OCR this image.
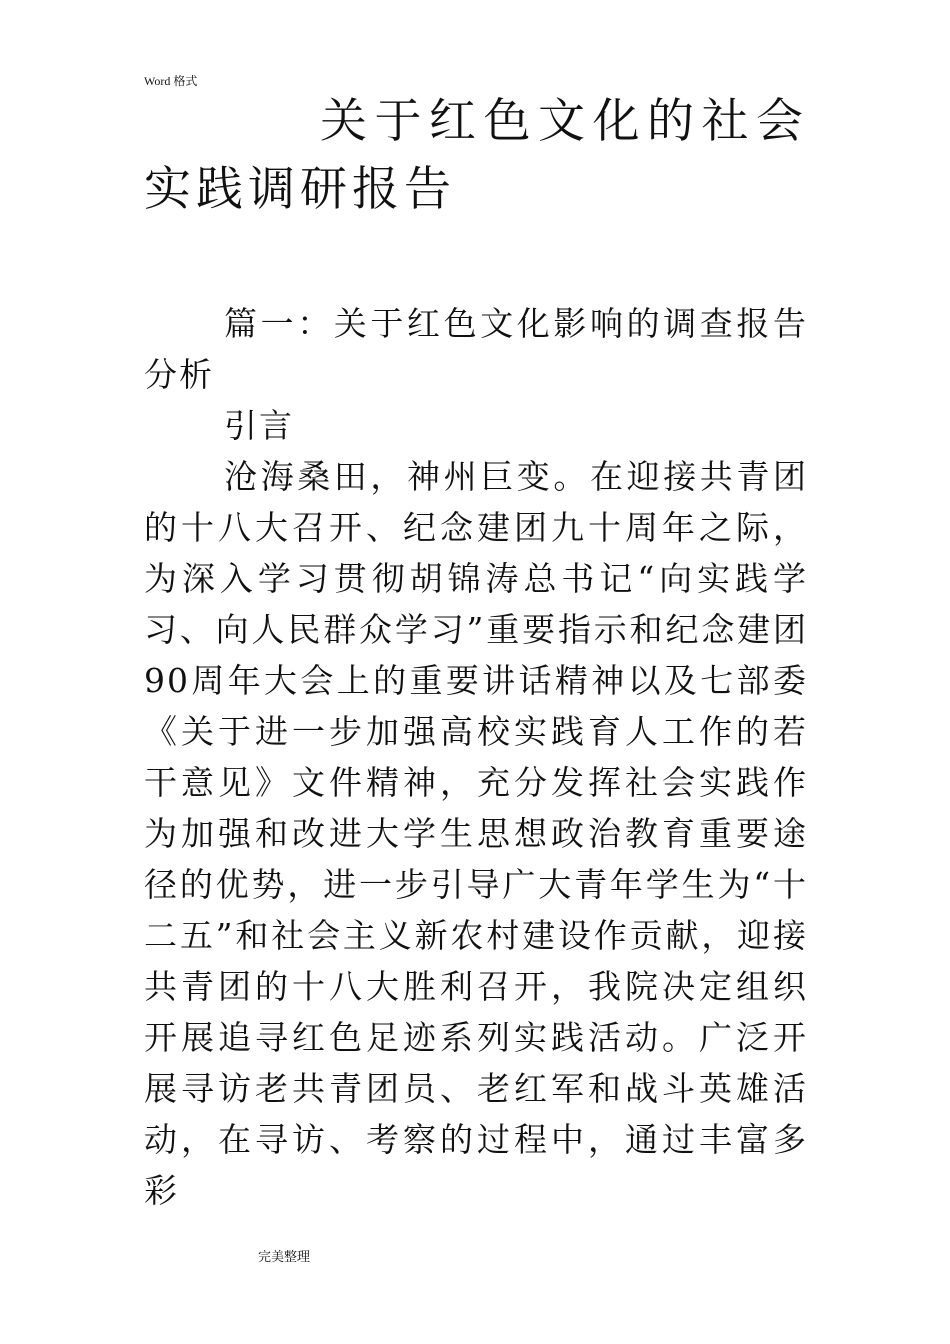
Word 格式
关于红色文化的社会实践调研报告

篇一：关于红色文化影响的调查报告分析

引言

沧海桑田，神州巨变。在迎接共青团的十八大召开、纪念建团九十周年之际，为深入学习贯彻胡锦涛总书记“向实践学习、向人民群众学习”重要指示和纪念建团90周年大会上的重要讲话精神以及七部委《关于进一步加强高校实践育人工作的若干意见》文件精神，充分发挥社会实践作为加强和改进大学生思想政治教育重要途径的优势，进一步引导广大青年学生为“十二五”和社会主义新农村建设作贡献，迎接共青团的十八大胜利召开，我院决定组织开展追寻红色足迹系列实践活动。广泛开展寻访老共青团员、老红军和战斗英雄活动，在寻访、考察的过程中，通过丰富多彩

完美整理
